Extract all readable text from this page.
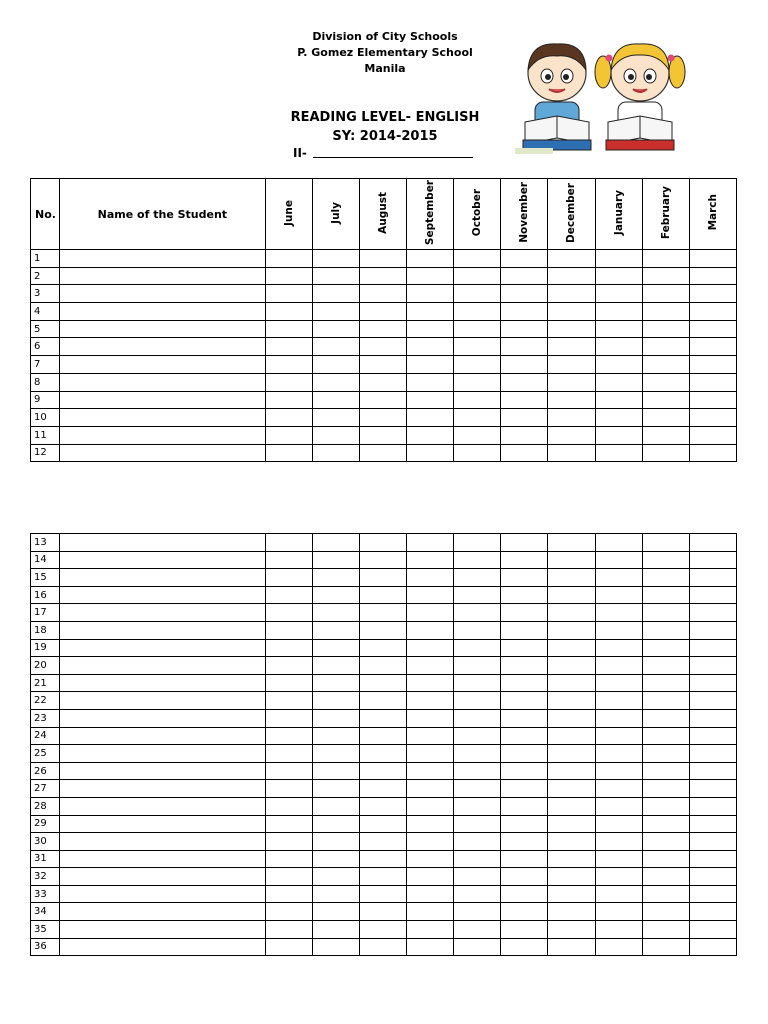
Division of City Schools
P. Gomez Elementary School
Manila
READING LEVEL- ENGLISH
SY: 2014-2015
II-
No.	Name of the Student	June	July	August	September	October	November	December	January	February	March
1											
2											
3											
4											
5											
6											
7											
8											
9											
10											
11											
12											
13											
14											
15											
16											
17											
18											
19											
20											
21											
22											
23											
24											
25											
26											
27											
28											
29											
30											
31											
32											
33											
34											
35											
36											
